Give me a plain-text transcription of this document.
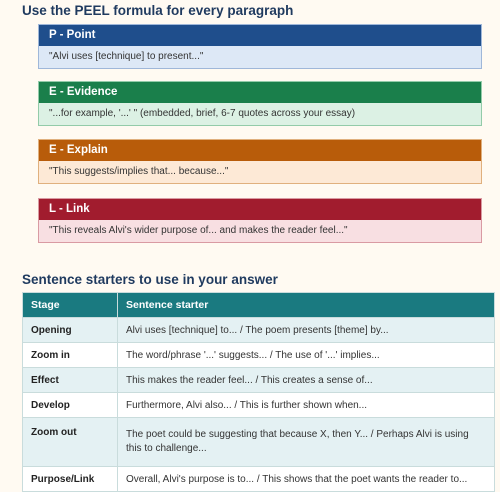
Use the PEEL formula for every paragraph
P - Point
"Alvi uses [technique] to present..."
E - Evidence
"...for example, '...' " (embedded, brief, 6-7 quotes across your essay)
E - Explain
"This suggests/implies that... because..."
L - Link
"This reveals Alvi's wider purpose of... and makes the reader feel..."
Sentence starters to use in your answer
Stage	Sentence starter
Opening	Alvi uses [technique] to... / The poem presents [theme] by...
Zoom in	The word/phrase '...' suggests... / The use of '...' implies...
Effect	This makes the reader feel... / This creates a sense of...
Develop	Furthermore, Alvi also... / This is further shown when...
Zoom out	The poet could be suggesting that because X, then Y... / Perhaps Alvi is using this to challenge...
Purpose/Link	Overall, Alvi's purpose is to... / This shows that the poet wants the reader to...
